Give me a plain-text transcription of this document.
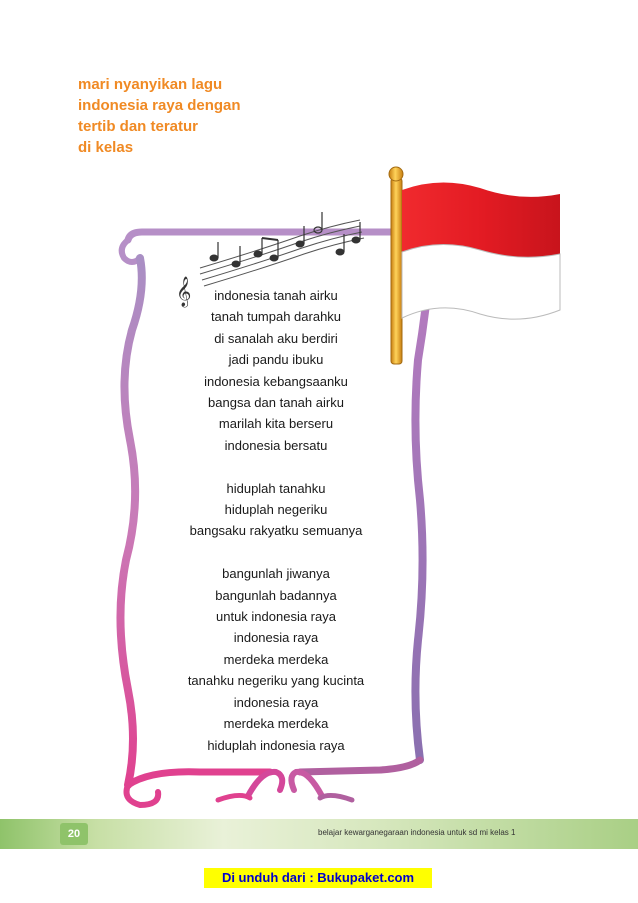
𝄞
mari nyanyikan lagu
indonesia raya dengan
tertib dan teratur
di kelas
indonesia tanah airku
tanah tumpah darahku
di sanalah aku berdiri
jadi pandu ibuku
indonesia kebangsaanku
bangsa dan tanah airku
marilah kita berseru
indonesia bersatu
hiduplah tanahku
hiduplah negeriku
bangsaku rakyatku semuanya
bangunlah jiwanya
bangunlah badannya
untuk indonesia raya
indonesia raya
merdeka merdeka
tanahku negeriku yang kucinta
indonesia raya
merdeka merdeka
hiduplah indonesia raya
20	belajar kewarganegaraan indonesia untuk sd mi kelas 1
Di unduh dari : Bukupaket.com
